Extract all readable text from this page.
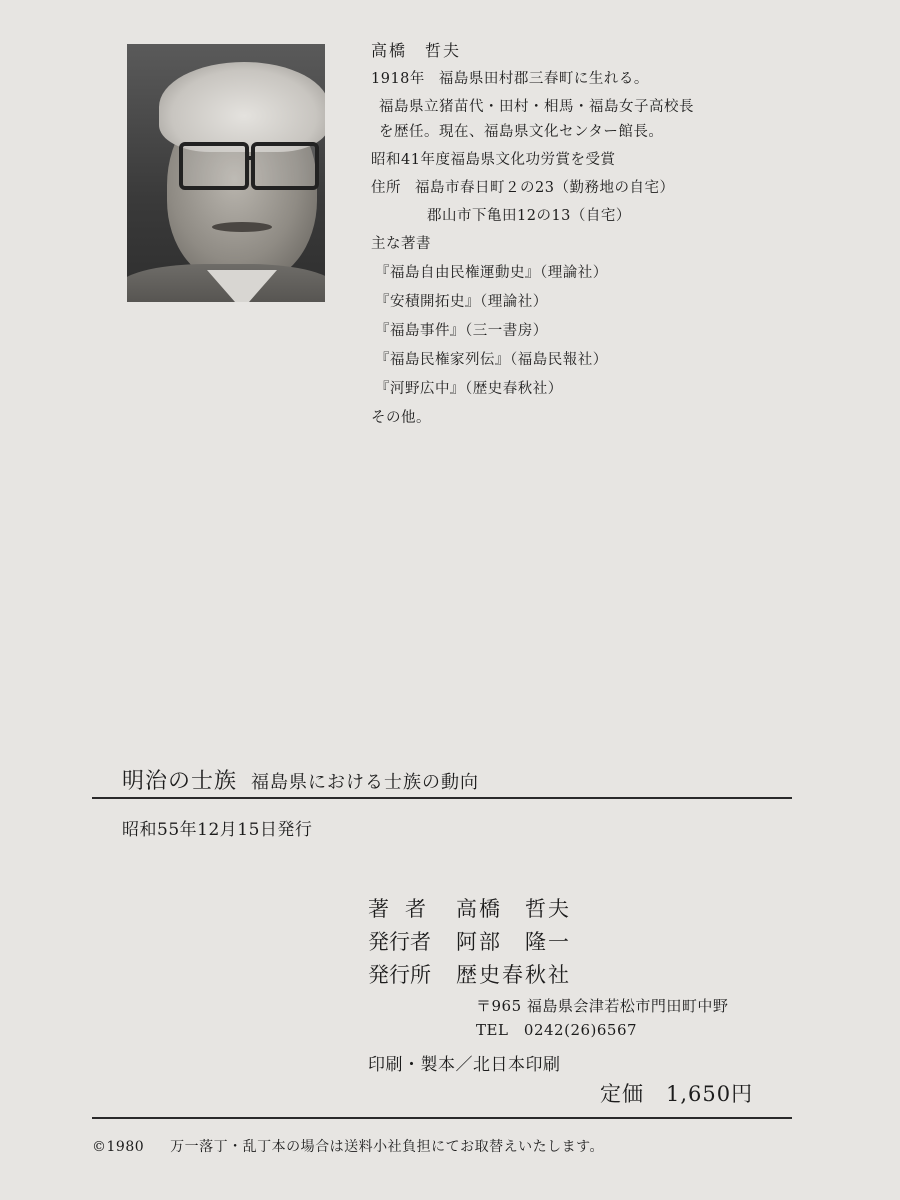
高橋　哲夫
1918年 福島県田村郡三春町に生れる。
福島県立猪苗代・田村・相馬・福島女子高校長
を歴任。現在、福島県文化センター館長。
昭和41年度福島県文化功労賞を受賞
住所 福島市春日町２の23（勤務地の自宅）
郡山市下亀田12の13（自宅）
主な著書
『福島自由民権運動史』（理論社）
『安積開拓史』（理論社）
『福島事件』（三一書房）
『福島民権家列伝』（福島民報社）
『河野広中』（歴史春秋社）
その他。
明治の士族 福島県における士族の動向
昭和55年12月15日発行
著者 高橋　哲夫
発行者 阿部　隆一
発行所 歴史春秋社
〒965 福島県会津若松市門田町中野
TEL　0242(26)6567
印刷・製本／北日本印刷
定価　1,650円
©1980 万一落丁・乱丁本の場合は送料小社負担にてお取替えいたします。
